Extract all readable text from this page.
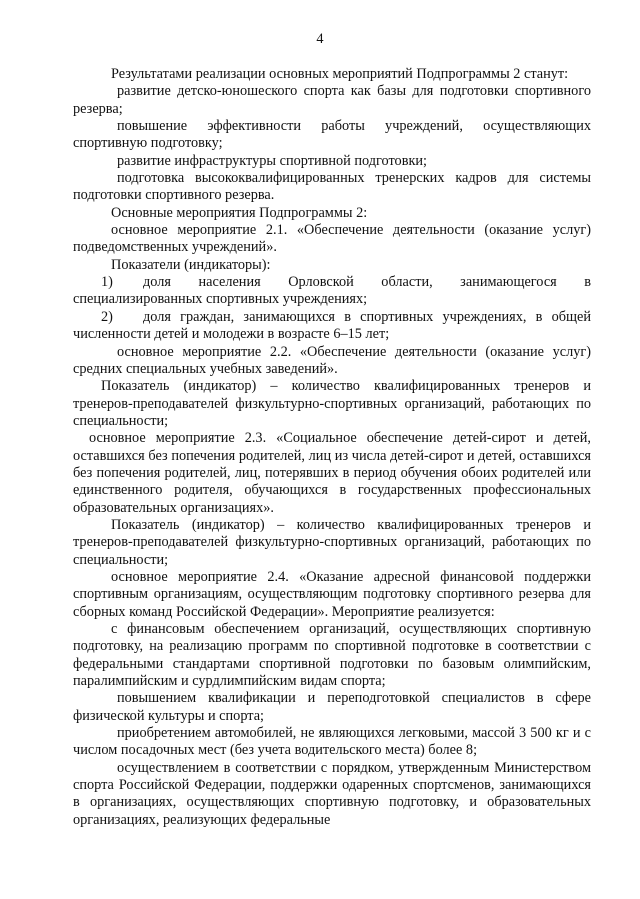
4

Результатами реализации основных мероприятий Подпрограммы 2 станут:

развитие детско-юношеского спорта как базы для подготовки спортивного резерва;

повышение эффективности работы учреждений, осуществляющих спортивную подготовку;

развитие инфраструктуры спортивной подготовки;

подготовка высококвалифицированных тренерских кадров для системы подготовки спортивного резерва.

Основные мероприятия Подпрограммы 2:

основное мероприятие 2.1. «Обеспечение деятельности (оказание услуг) подведомственных учреждений».

Показатели (индикаторы):

1)	доля населения Орловской области, занимающегося в

специализированных спортивных учреждениях;

2)	доля граждан, занимающихся в спортивных учреждениях, в общей

численности детей и молодежи в возрасте 6–15 лет;

основное мероприятие 2.2. «Обеспечение деятельности (оказание услуг) средних специальных учебных заведений».

Показатель (индикатор) – количество квалифицированных тренеров и тренеров-преподавателей физкультурно-спортивных организаций, работающих по специальности;

основное мероприятие 2.3. «Социальное обеспечение детей-сирот и детей, оставшихся без попечения родителей, лиц из числа детей-сирот и детей, оставшихся без попечения родителей, лиц, потерявших в период обучения обоих родителей или единственного родителя, обучающихся в государственных профессиональных образовательных организациях».

Показатель (индикатор) – количество квалифицированных тренеров и тренеров-преподавателей физкультурно-спортивных организаций, работающих по специальности;

основное мероприятие 2.4. «Оказание адресной финансовой поддержки спортивным организациям, осуществляющим подготовку спортивного резерва для сборных команд Российской Федерации». Мероприятие реализуется:

с финансовым обеспечением организаций, осуществляющих спортивную подготовку, на реализацию программ по спортивной подготовке в соответствии с федеральными стандартами спортивной подготовки по базовым олимпийским, паралимпийским и сурдлимпийским видам спорта;

повышением квалификации и переподготовкой специалистов в сфере физической культуры и спорта;

приобретением автомобилей, не являющихся легковыми, массой 3 500 кг и с числом посадочных мест (без учета водительского места) более 8;

осуществлением в соответствии с порядком, утвержденным Министерством спорта Российской Федерации, поддержки одаренных спортсменов, занимающихся в организациях, осуществляющих спортивную подготовку, и образовательных организациях, реализующих федеральные
